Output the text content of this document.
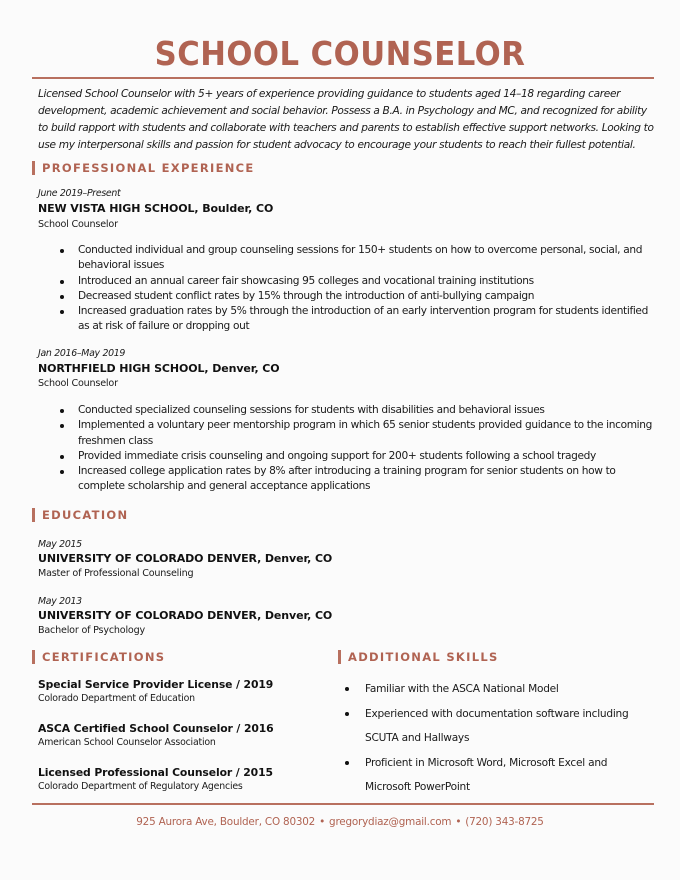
SCHOOL COUNSELOR

Licensed School Counselor with 5+ years of experience providing guidance to students aged 14–18 regarding career development, academic achievement and social behavior. Possess a B.A. in Psychology and MC, and recognized for ability to build rapport with students and collaborate with teachers and parents to establish effective support networks. Looking to use my interpersonal skills and passion for student advocacy to encourage your students to reach their fullest potential.

PROFESSIONAL EXPERIENCE
June 2019–Present
NEW VISTA HIGH SCHOOL, Boulder, CO
School Counselor
Conducted individual and group counseling sessions for 150+ students on how to overcome personal, social, and behavioral issues
Introduced an annual career fair showcasing 95 colleges and vocational training institutions
Decreased student conflict rates by 15% through the introduction of anti-bullying campaign
Increased graduation rates by 5% through the introduction of an early intervention program for students identified as at risk of failure or dropping out
Jan 2016–May 2019
NORTHFIELD HIGH SCHOOL, Denver, CO
School Counselor
Conducted specialized counseling sessions for students with disabilities and behavioral issues
Implemented a voluntary peer mentorship program in which 65 senior students provided guidance to the incoming freshmen class
Provided immediate crisis counseling and ongoing support for 200+ students following a school tragedy
Increased college application rates by 8% after introducing a training program for senior students on how to complete scholarship and general acceptance applications
EDUCATION
May 2015
UNIVERSITY OF COLORADO DENVER, Denver, CO
Master of Professional Counseling
May 2013
UNIVERSITY OF COLORADO DENVER, Denver, CO
Bachelor of Psychology
CERTIFICATIONS
Special Service Provider License / 2019
Colorado Department of Education
ASCA Certified School Counselor / 2016
American School Counselor Association
Licensed Professional Counselor / 2015
Colorado Department of Regulatory Agencies
ADDITIONAL SKILLS
Familiar with the ASCA National Model
Experienced with documentation software including SCUTA and Hallways
Proficient in Microsoft Word, Microsoft Excel and Microsoft PowerPoint
925 Aurora Ave, Boulder, CO 80302 • gregorydiaz@gmail.com • (720) 343-8725
